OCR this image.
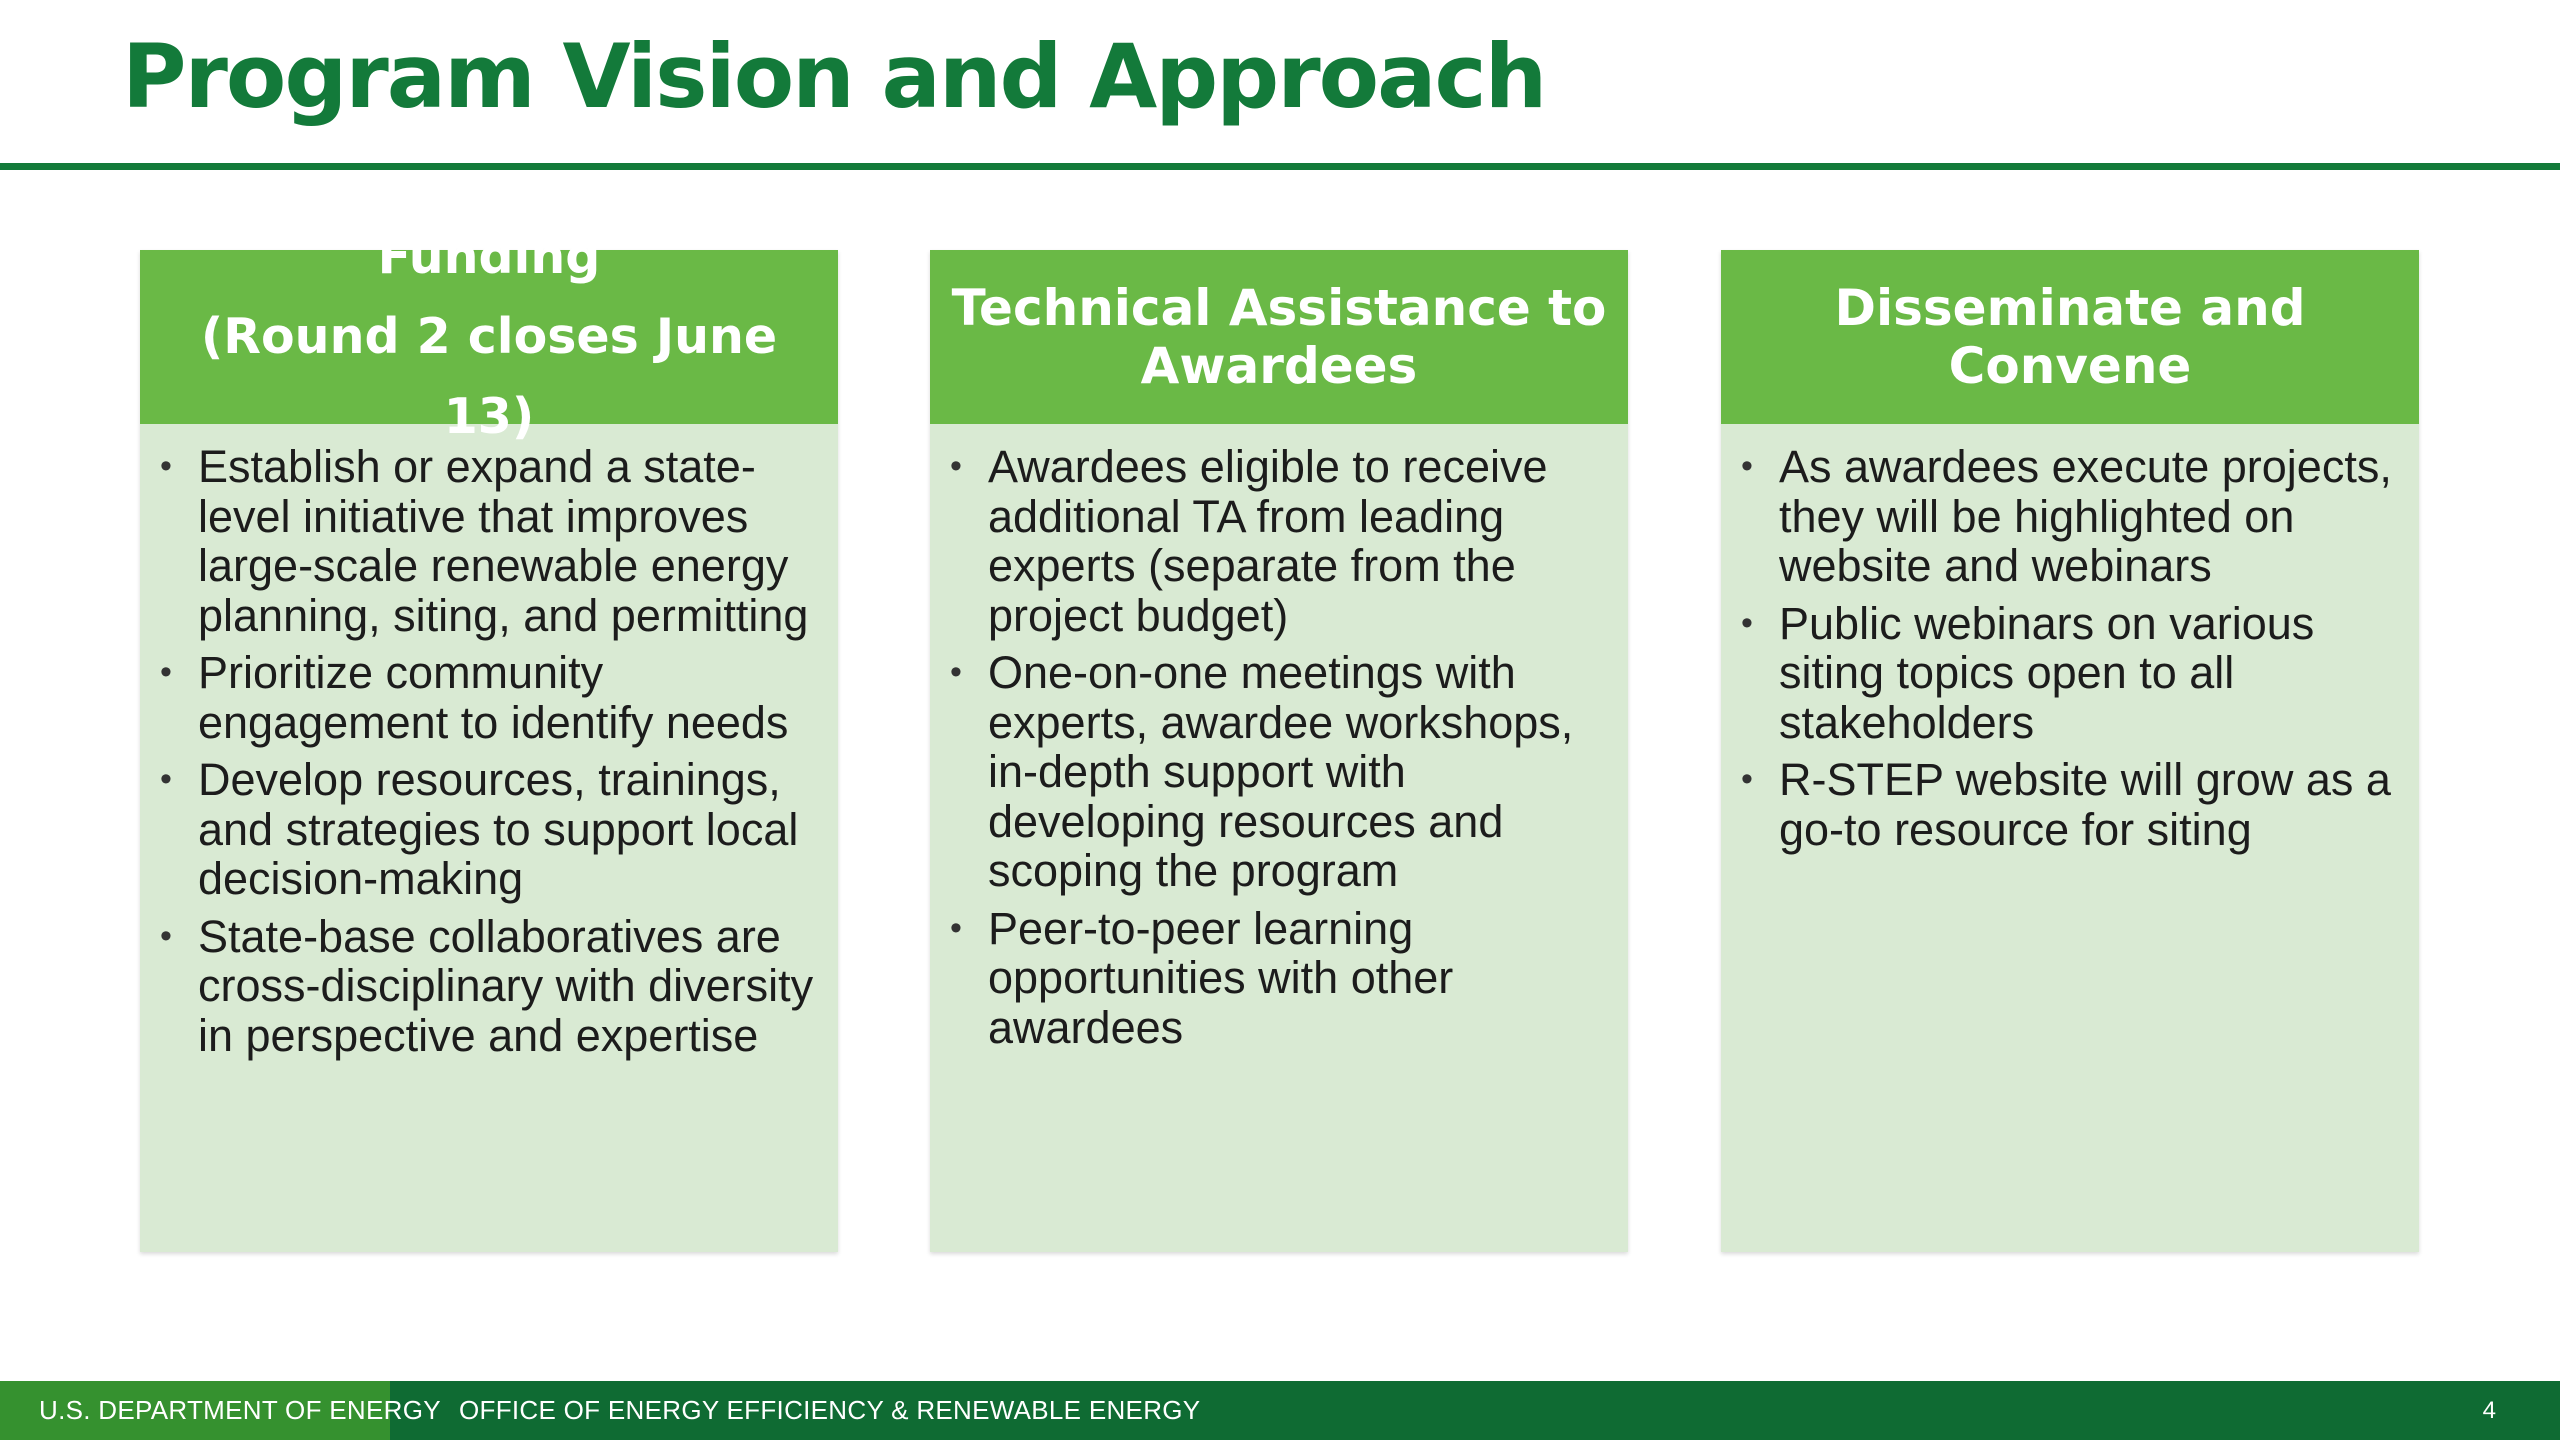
Program Vision and Approach
Funding
(Round 2 closes June 13)
• Establish or expand a state-level initiative that improves large-scale renewable energy planning, siting, and permitting
• Prioritize community engagement to identify needs
• Develop resources, trainings, and strategies to support local decision-making
• State-base collaboratives are cross-disciplinary with diversity in perspective and expertise
Technical Assistance to
Awardees
• Awardees eligible to receive additional TA from leading experts (separate from the project budget)
• One-on-one meetings with experts, awardee workshops, in-depth support with developing resources and scoping the program
• Peer-to-peer learning opportunities with other awardees
Disseminate and
Convene
• As awardees execute projects, they will be highlighted on website and webinars
• Public webinars on various siting topics open to all stakeholders
• R-STEP website will grow as a go-to resource for siting
U.S. DEPARTMENT OF ENERGY OFFICE OF ENERGY EFFICIENCY & RENEWABLE ENERGY	4
